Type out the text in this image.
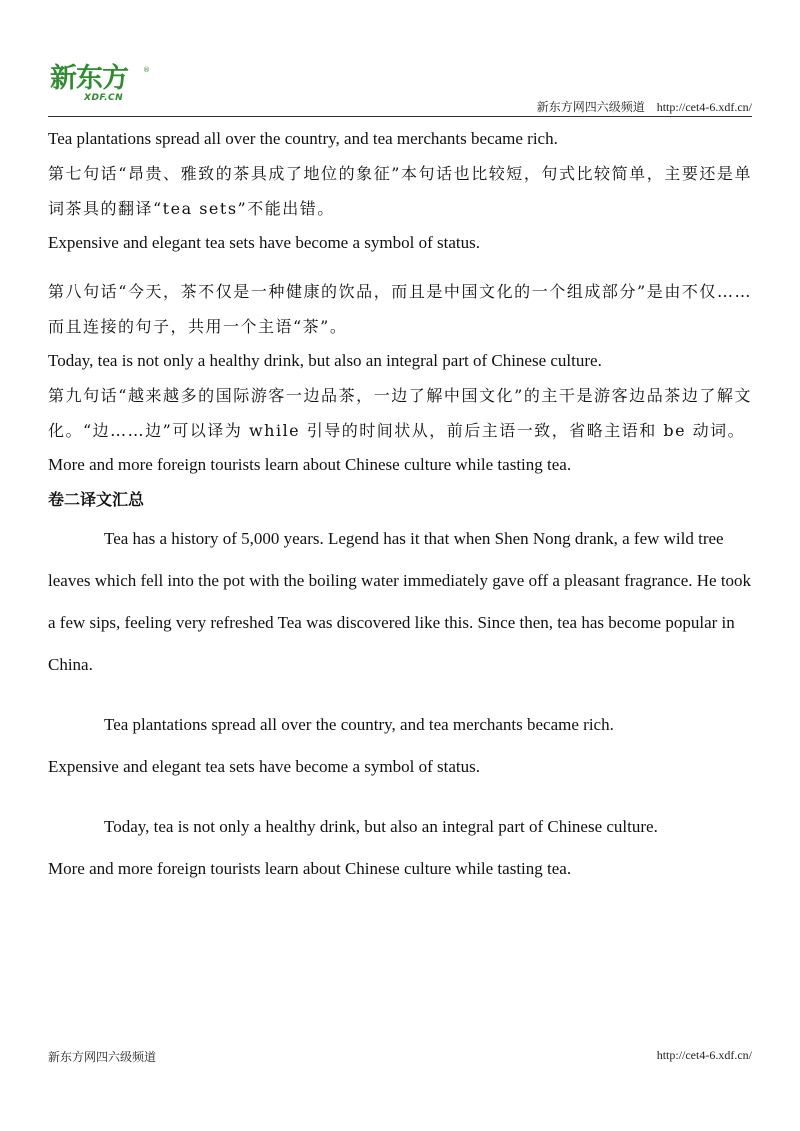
新东方 ®
XDF.CN
新东方网四六级频道    http://cet4-6.xdf.cn/

Tea plantations spread all over the country, and tea merchants became rich.

第七句话“昂贵、雅致的茶具成了地位的象征”本句话也比较短，句式比较简单，主要还是单词茶具的翻译“tea sets”不能出错。

Expensive and elegant tea sets have become a symbol of status.

第八句话“今天，茶不仅是一种健康的饮品，而且是中国文化的一个组成部分”是由不仅……而且连接的句子，共用一个主语“茶”。

Today, tea is not only a healthy drink, but also an integral part of Chinese culture.

第九句话“越来越多的国际游客一边品茶，一边了解中国文化”的主干是游客边品茶边了解文化。“边……边”可以译为 while 引导的时间状从，前后主语一致，省略主语和 be 动词。

More and more foreign tourists learn about Chinese culture while tasting tea.

卷二译文汇总

Tea has a history of 5,000 years. Legend has it that when Shen Nong drank, a few wild tree leaves which fell into the pot with the boiling water immediately gave off a pleasant fragrance. He took a few sips, feeling very refreshed Tea was discovered like this. Since then, tea has become popular in China.

Tea plantations spread all over the country, and tea merchants became rich.

Expensive and elegant tea sets have become a symbol of status.

Today, tea is not only a healthy drink, but also an integral part of Chinese culture.

More and more foreign tourists learn about Chinese culture while tasting tea.

新东方网四六级频道	http://cet4-6.xdf.cn/
